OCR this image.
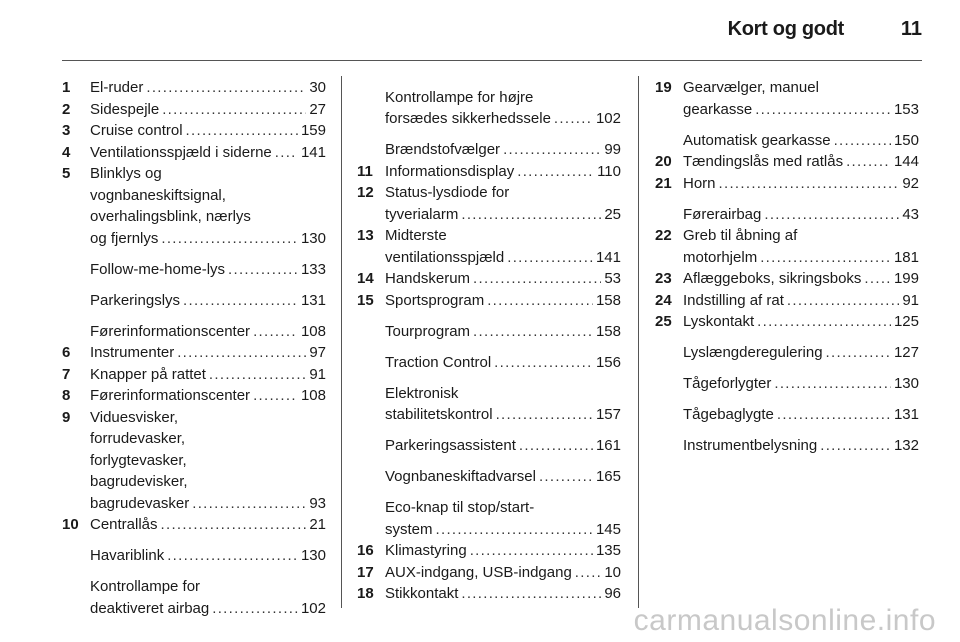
Kort og godt	11
1 El-ruder .....	30
2 Sidespejle .....	27
3 Cruise control .....	159
4 Ventilationsspjæld i siderne ..... 141
5 Blinklys og
vognbaneskiftsignal,
overhalingsblink, nærlys
og fjernlys .....	130
Follow-me-home-lys .....	133
Parkeringslys .....	131
Førerinformationscenter .....	108
6 Instrumenter .....	97
7 Knapper på rattet .....	91
8 Førerinformationscenter .....	108
9 Viduesvisker,
forrudevasker,
forlygtevasker,
bagrudevisker,
bagrudevasker .....	93
10 Centrallås .....	21
Havariblink .....	130
Kontrollampe for
deaktiveret airbag .....	102
Kontrollampe for højre
forsædes sikkerhedssele .....	102
Brændstofvælger .....	99
11 Informationsdisplay .....	110
12 Status-lysdiode for
tyverialarm .....	25
13 Midterste
ventilationsspjæld .....	141
14 Handskerum .....	53
15 Sportsprogram .....	158
Tourprogram .....	158
Traction Control .....	156
Elektronisk
stabilitetskontrol .....	157
Parkeringsassistent .....	161
Vognbaneskiftadvarsel .....	165
Eco-knap til stop/start-
system .....	145
16 Klimastyring .....	135
17 AUX-indgang, USB-indgang ..... 10
18 Stikkontakt .....	96
19 Gearvælger, manuel
gearkasse .....	153
Automatisk gearkasse .....	150
20 Tændingslås med ratlås .....	144
21 Horn .....	92
Førerairbag .....	43
22 Greb til åbning af
motorhjelm .....	181
23 Aflæggeboks, sikringsboks ..... 199
24 Indstilling af rat .....	91
25 Lyskontakt .....	125
Lyslængderegulering .....	127
Tågeforlygter .....	130
Tågebaglygte .....	131
Instrumentbelysning .....	132
carmanualsonline.info
